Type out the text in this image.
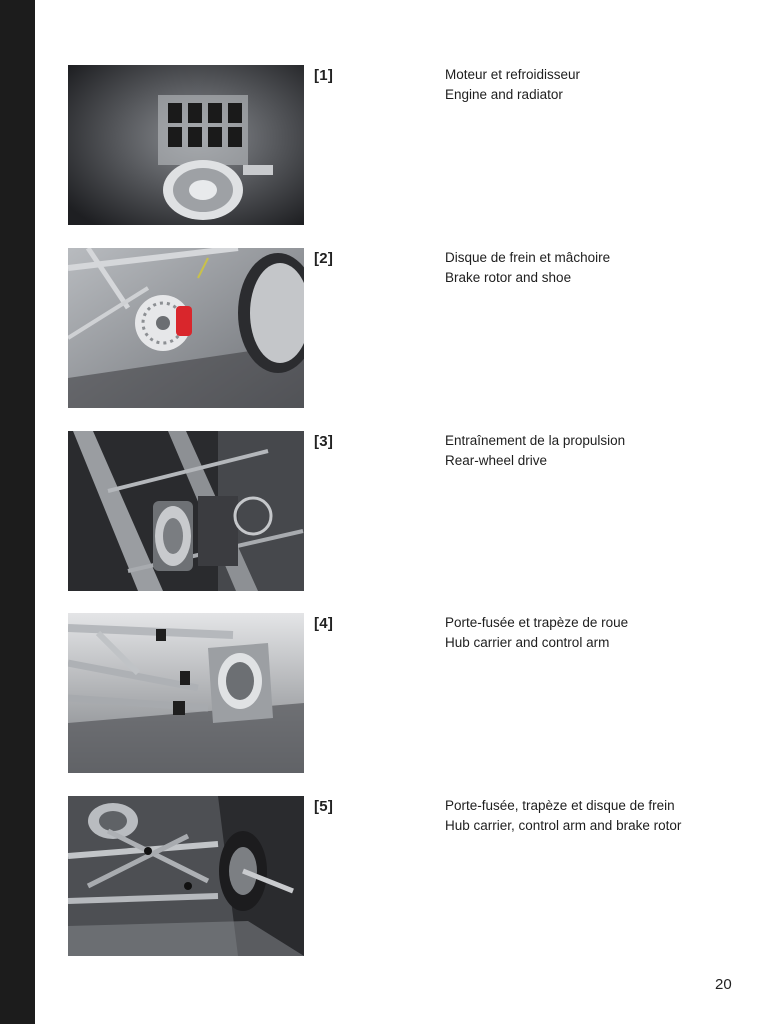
[1]	Moteur et refroidisseur
Engine and radiator
[2]	Disque de frein et mâchoire
Brake rotor and shoe
[3]	Entraînement de la propulsion
Rear-wheel drive
[4]	Porte-fusée et trapèze de roue
Hub carrier and control arm
[5]	Porte-fusée, trapèze et disque de frein
Hub carrier, control arm and brake rotor
20
